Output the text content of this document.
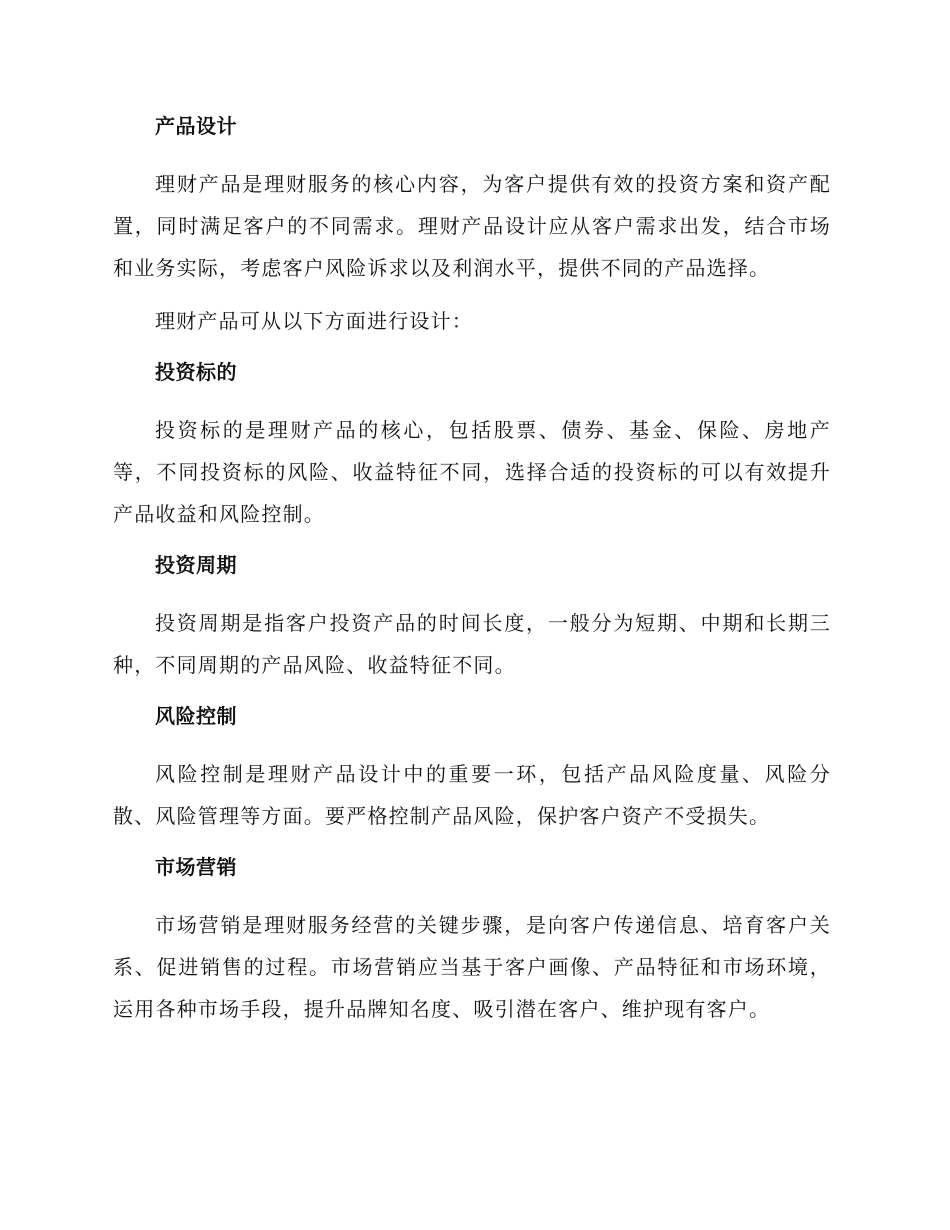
产品设计

理财产品是理财服务的核心内容，为客户提供有效的投资方案和资产配置，同时满足客户的不同需求。理财产品设计应从客户需求出发，结合市场和业务实际，考虑客户风险诉求以及利润水平，提供不同的产品选择。

理财产品可从以下方面进行设计：

投资标的

投资标的是理财产品的核心，包括股票、债券、基金、保险、房地产等，不同投资标的风险、收益特征不同，选择合适的投资标的可以有效提升产品收益和风险控制。

投资周期

投资周期是指客户投资产品的时间长度，一般分为短期、中期和长期三种，不同周期的产品风险、收益特征不同。

风险控制

风险控制是理财产品设计中的重要一环，包括产品风险度量、风险分散、风险管理等方面。要严格控制产品风险，保护客户资产不受损失。

市场营销

市场营销是理财服务经营的关键步骤，是向客户传递信息、培育客户关系、促进销售的过程。市场营销应当基于客户画像、产品特征和市场环境，运用各种市场手段，提升品牌知名度、吸引潜在客户、维护现有客户。
